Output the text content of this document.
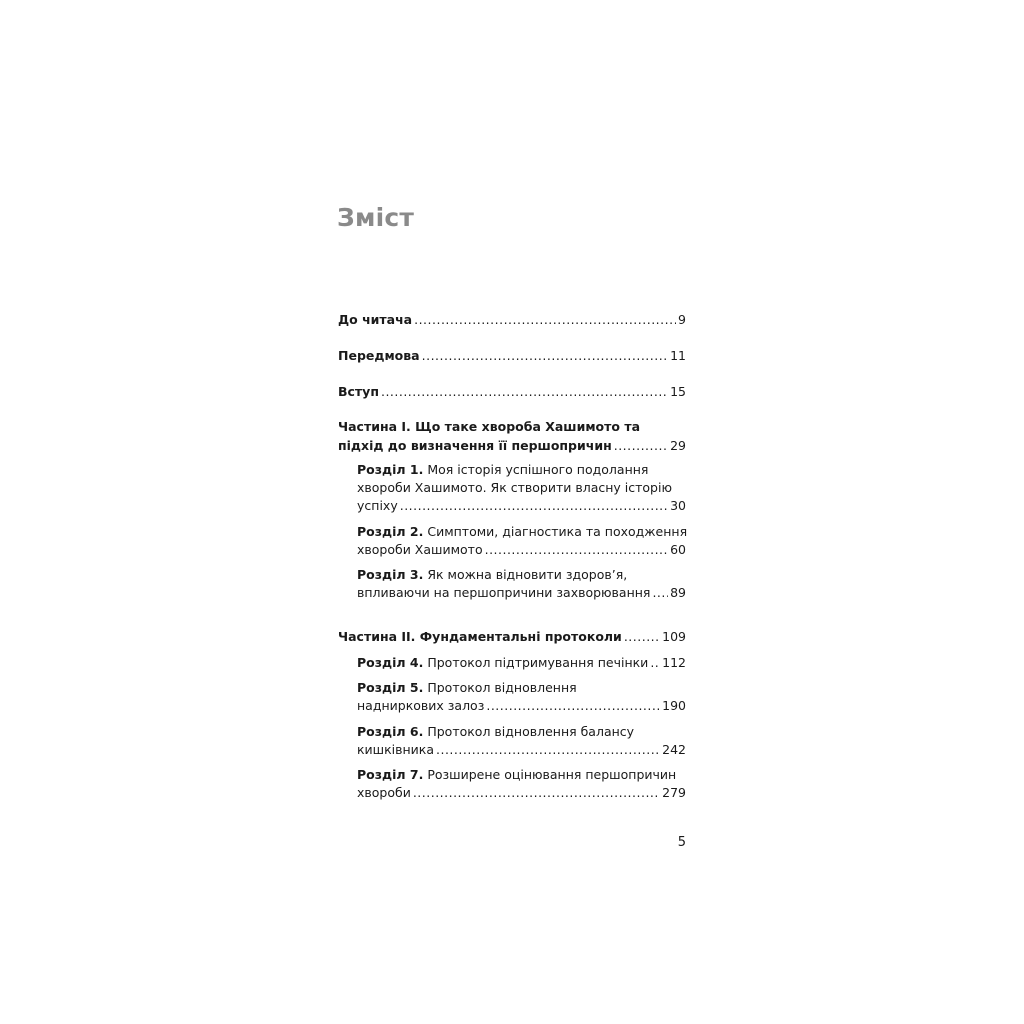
Зміст
До читача .....	9
Передмова .....	11
Вступ .....	15
Частина І. Що таке хвороба Хашимото та
підхід до визначення її першопричин .....	29
Розділ 1. Моя історія успішного подолання
хвороби Хашимото. Як створити власну історію
успіху .....	30
Розділ 2. Симптоми, діагностика та походження
хвороби Хашимото .....	60
Розділ 3. Як можна відновити здоров’я,
впливаючи на першопричини захворювання ..... 89
Частина ІІ. Фундаментальні протоколи .....	109
Розділ 4. Протокол підтримування печінки ..... 112
Розділ 5. Протокол відновлення
надниркових залоз .....	190
Розділ 6. Протокол відновлення балансу
кишківника .....	242
Розділ 7. Розширене оцінювання першопричин
хвороби .....	279
5
